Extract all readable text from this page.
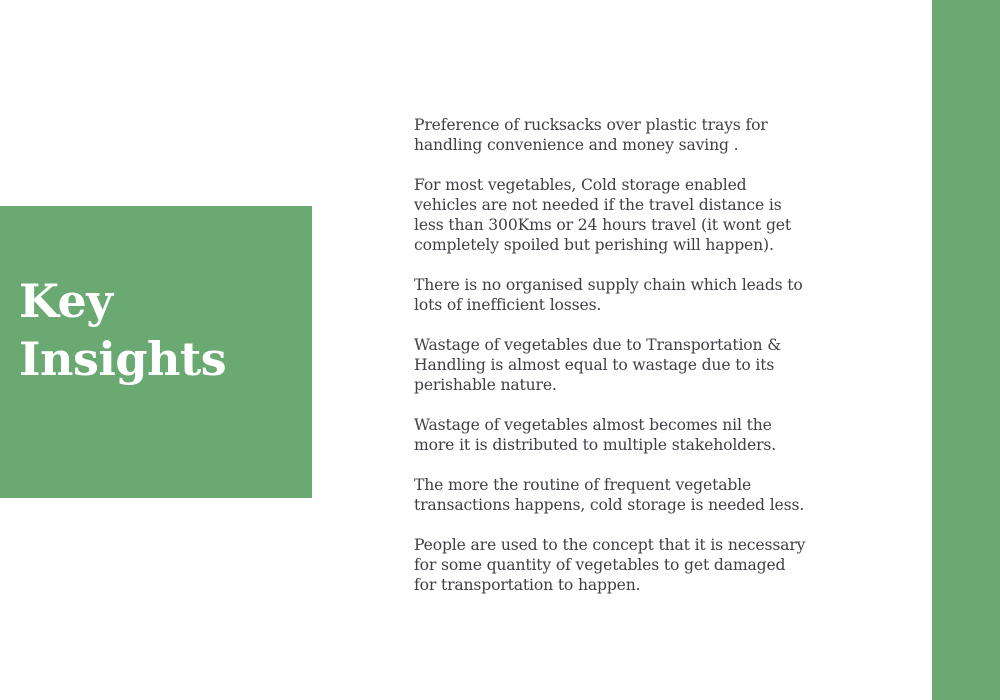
Key
Insights
Preference of rucksacks over plastic trays for
handling convenience and money saving .
For most vegetables, Cold storage enabled
vehicles are not needed if the travel distance is
less than 300Kms or 24 hours travel (it wont get
completely spoiled but perishing will happen).
There is no organised supply chain which leads to
lots of inefficient losses.
Wastage of vegetables due to Transportation &
Handling is almost equal to wastage due to its
perishable nature.
Wastage of vegetables almost becomes nil the
more it is distributed to multiple stakeholders.
The more the routine of frequent vegetable
transactions happens, cold storage is needed less.
People are used to the concept that it is necessary
for some quantity of vegetables to get damaged
for transportation to happen.
